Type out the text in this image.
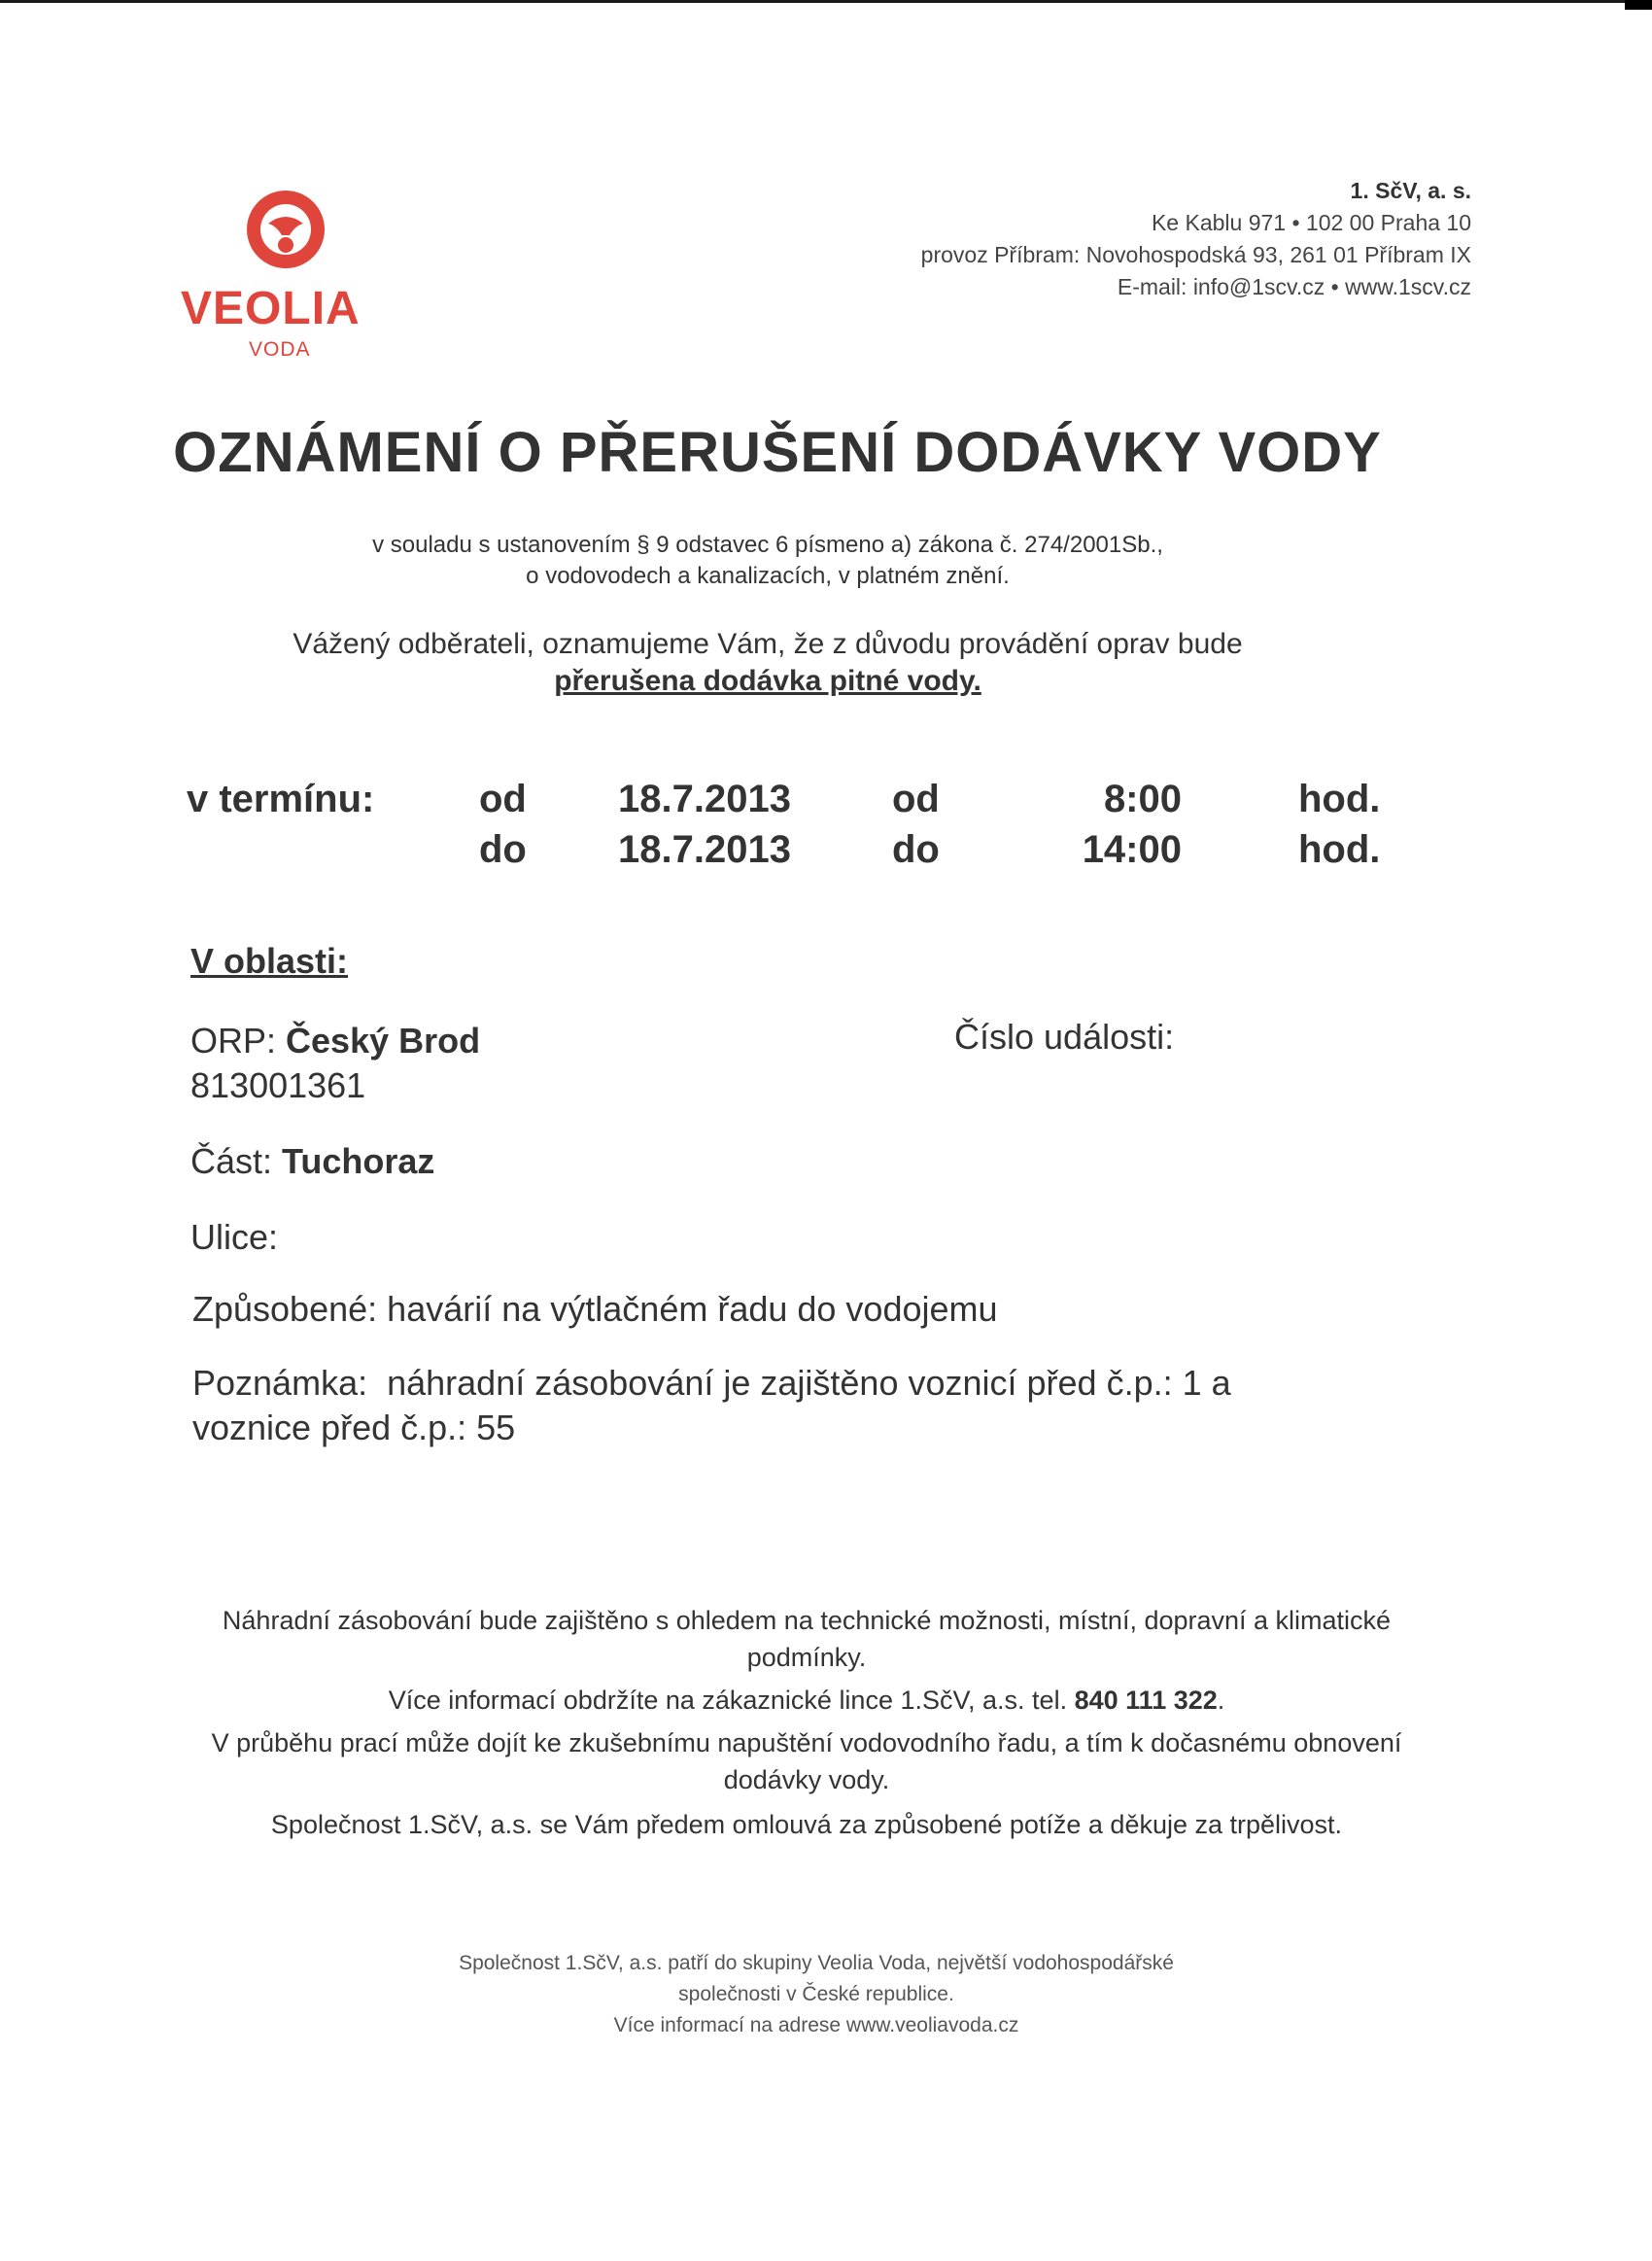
VEOLIA
VODA
1. SčV, a. s.
Ke Kablu 971 • 102 00 Praha 10
provoz Příbram: Novohospodská 93, 261 01 Příbram IX
E-mail: info@1scv.cz • www.1scv.cz
OZNÁMENÍ O PŘERUŠENÍ DODÁVKY VODY
v souladu s ustanovením § 9 odstavec 6 písmeno a) zákona č. 274/2001Sb.,
o vodovodech a kanalizacích, v platném znění.
Vážený odběrateli, oznamujeme Vám, že z důvodu provádění oprav bude
přerušena dodávka pitné vody.
v termínu:	od
do
18.7.2013
18.7.2013
od
do
8:00
14:00
hod.
hod.
V oblasti:
ORP: Český Brod
813001361
Číslo události:
Část: Tuchoraz
Ulice:
Způsobené: havárií na výtlačném řadu do vodojemu
Poznámka: náhradní zásobování je zajištěno voznicí před č.p.: 1 a
voznice před č.p.: 55
Náhradní zásobování bude zajištěno s ohledem na technické možnosti, místní, dopravní a klimatické
podmínky.
Více informací obdržíte na zákaznické lince 1.SčV, a.s. tel. 840 111 322.
V průběhu prací může dojít ke zkušebnímu napuštění vodovodního řadu, a tím k dočasnému obnovení
dodávky vody.
Společnost 1.SčV, a.s. se Vám předem omlouvá za způsobené potíže a děkuje za trpělivost.
Společnost 1.SčV, a.s. patří do skupiny Veolia Voda, největší vodohospodářské
společnosti v České republice.
Více informací na adrese www.veoliavoda.cz
